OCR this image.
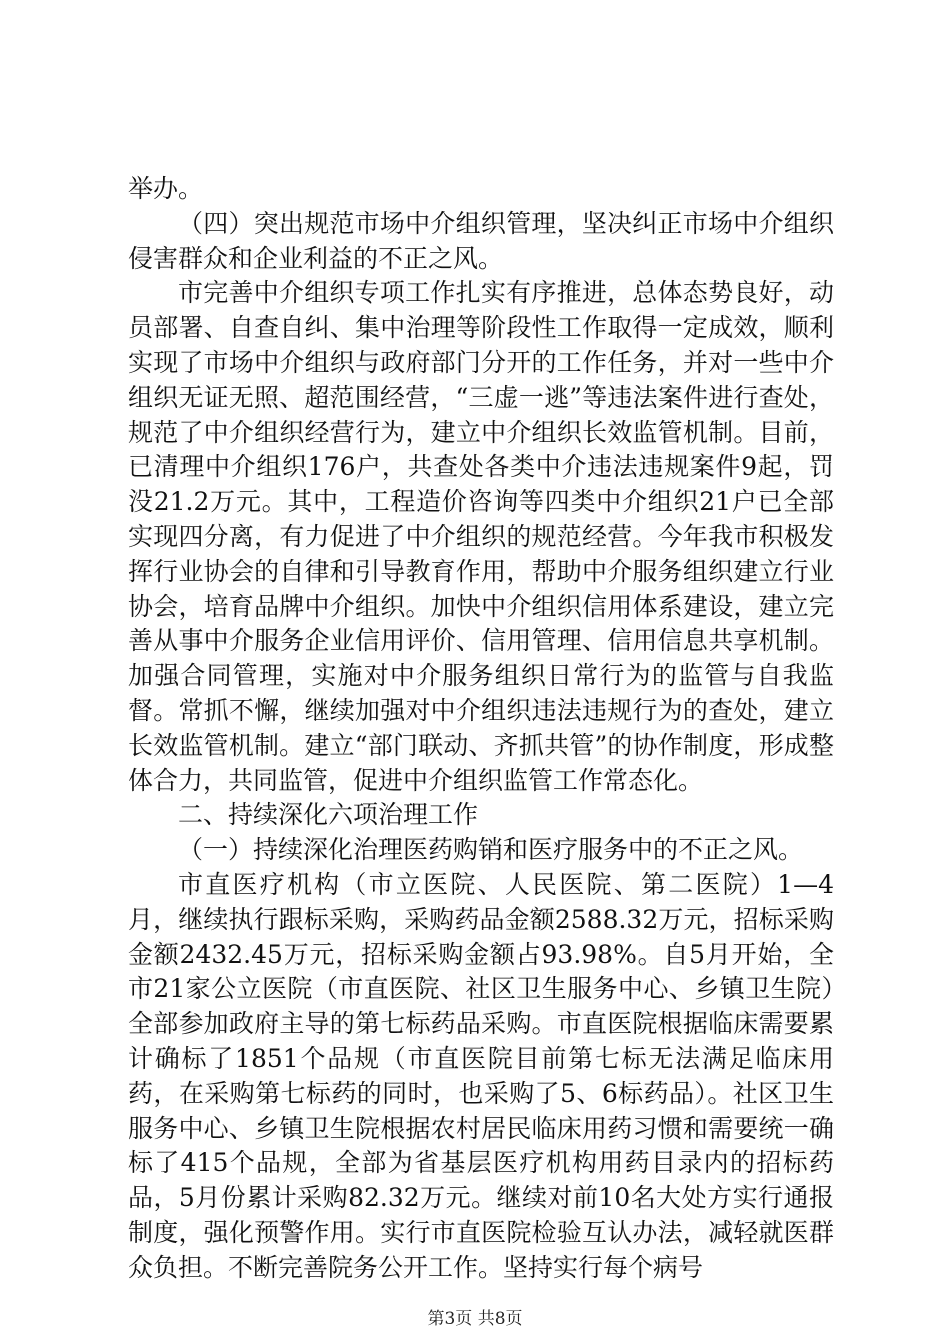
举办。

（四）突出规范市场中介组织管理，坚决纠正市场中介组织侵害群众和企业利益的不正之风。

市完善中介组织专项工作扎实有序推进，总体态势良好，动员部署、自查自纠、集中治理等阶段性工作取得一定成效，顺利实现了市场中介组织与政府部门分开的工作任务，并对一些中介组织无证无照、超范围经营，“三虚一逃”等违法案件进行查处，规范了中介组织经营行为，建立中介组织长效监管机制。目前，已清理中介组织176户，共查处各类中介违法违规案件9起，罚没21.2万元。其中，工程造价咨询等四类中介组织21户已全部实现四分离，有力促进了中介组织的规范经营。今年我市积极发挥行业协会的自律和引导教育作用，帮助中介服务组织建立行业协会，培育品牌中介组织。加快中介组织信用体系建设，建立完善从事中介服务企业信用评价、信用管理、信用信息共享机制。加强合同管理，实施对中介服务组织日常行为的监管与自我监督。常抓不懈，继续加强对中介组织违法违规行为的查处，建立长效监管机制。建立“部门联动、齐抓共管”的协作制度，形成整体合力，共同监管，促进中介组织监管工作常态化。

二、持续深化六项治理工作

（一）持续深化治理医药购销和医疗服务中的不正之风。

市直医疗机构（市立医院、人民医院、第二医院）1—4月，继续执行跟标采购，采购药品金额2588.32万元，招标采购金额2432.45万元，招标采购金额占93.98%。自5月开始，全市21家公立医院（市直医院、社区卫生服务中心、乡镇卫生院）全部参加政府主导的第七标药品采购。市直医院根据临床需要累计确标了1851个品规（市直医院目前第七标无法满足临床用药，在采购第七标药的同时，也采购了5、6标药品）。社区卫生服务中心、乡镇卫生院根据农村居民临床用药习惯和需要统一确标了415个品规，全部为省基层医疗机构用药目录内的招标药品，5月份累计采购82.32万元。继续对前10名大处方实行通报制度，强化预警作用。实行市直医院检验互认办法，减轻就医群众负担。不断完善院务公开工作。坚持实行每个病号

第3页 共8页
